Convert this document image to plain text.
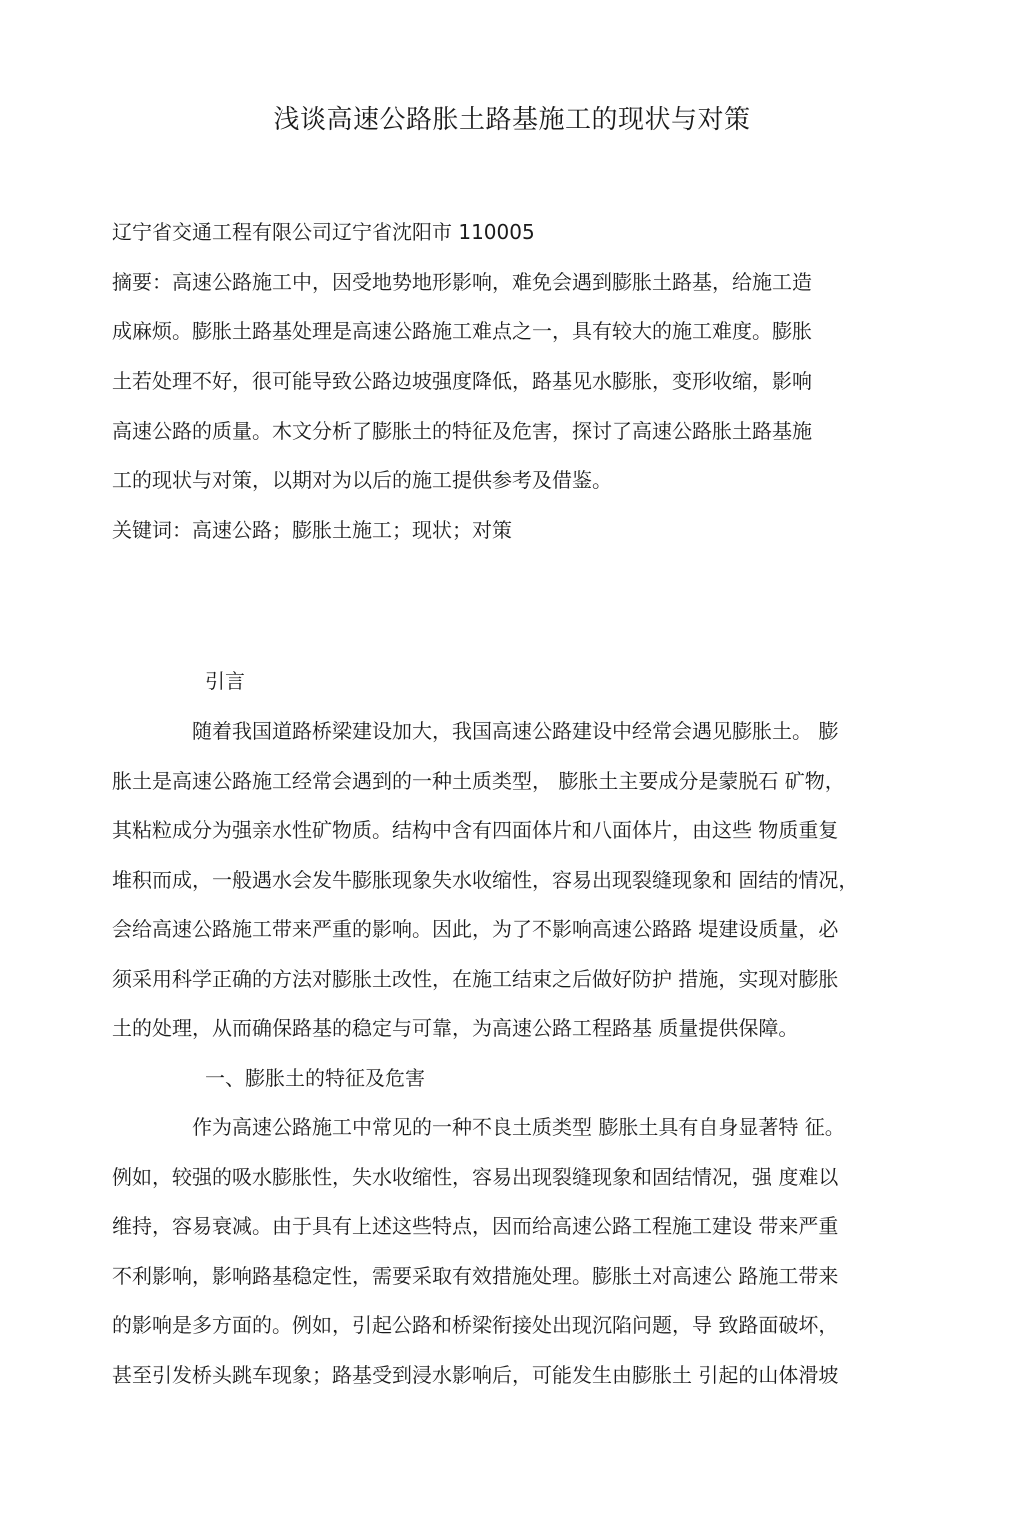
浅谈高速公路胀土路基施工的现状与对策
辽宁省交通工程有限公司辽宁省沈阳市 110005
摘要：高速公路施工中，因受地势地形影响，难免会遇到膨胀土路基，给施工造
成麻烦。膨胀土路基处理是高速公路施工难点之一，具有较大的施工难度。膨胀
土若处理不好，很可能导致公路边坡强度降低，路基见水膨胀，变形收缩，影响
高速公路的质量。木文分析了膨胀土的特征及危害，探讨了高速公路胀土路基施
工的现状与对策，以期对为以后的施工提供参考及借鉴。
关键词：高速公路；膨胀土施工；现状；对策
引言
　　　　随着我国道路桥梁建设加大，我国高速公路建设中经常会遇见膨胀土。 膨
胀土是高速公路施工经常会遇到的一种土质类型， 膨胀土主要成分是蒙脱石 矿物，
其粘粒成分为强亲水性矿物质。结构中含有四面体片和八面体片，由这些 物质重复
堆积而成，一般遇水会发牛膨胀现象失水收缩性，容易出现裂缝现象和 固结的情况，
会给高速公路施工带来严重的影响。因此，为了不影响高速公路路 堤建设质量，必
须采用科学正确的方法对膨胀土改性，在施工结束之后做好防护 措施，实现对膨胀
土的处理，从而确保路基的稳定与可靠，为高速公路工程路基 质量提供保障。
一、膨胀土的特征及危害
　　　　作为高速公路施工中常见的一种不良土质类型 膨胀土具有自身显著特 征。
例如，较强的吸水膨胀性，失水收缩性，容易出现裂缝现象和固结情况，强 度难以
维持，容易衰减。由于具有上述这些特点，因而给高速公路工程施工建设 带来严重
不利影响，影响路基稳定性，需要采取有效措施处理。膨胀土对高速公 路施工带来
的影响是多方面的。例如，引起公路和桥梁衔接处出现沉陷问题，导 致路面破坏，
甚至引发桥头跳车现象；路基受到浸水影响后，可能发生由膨胀土 引起的山体滑坡
